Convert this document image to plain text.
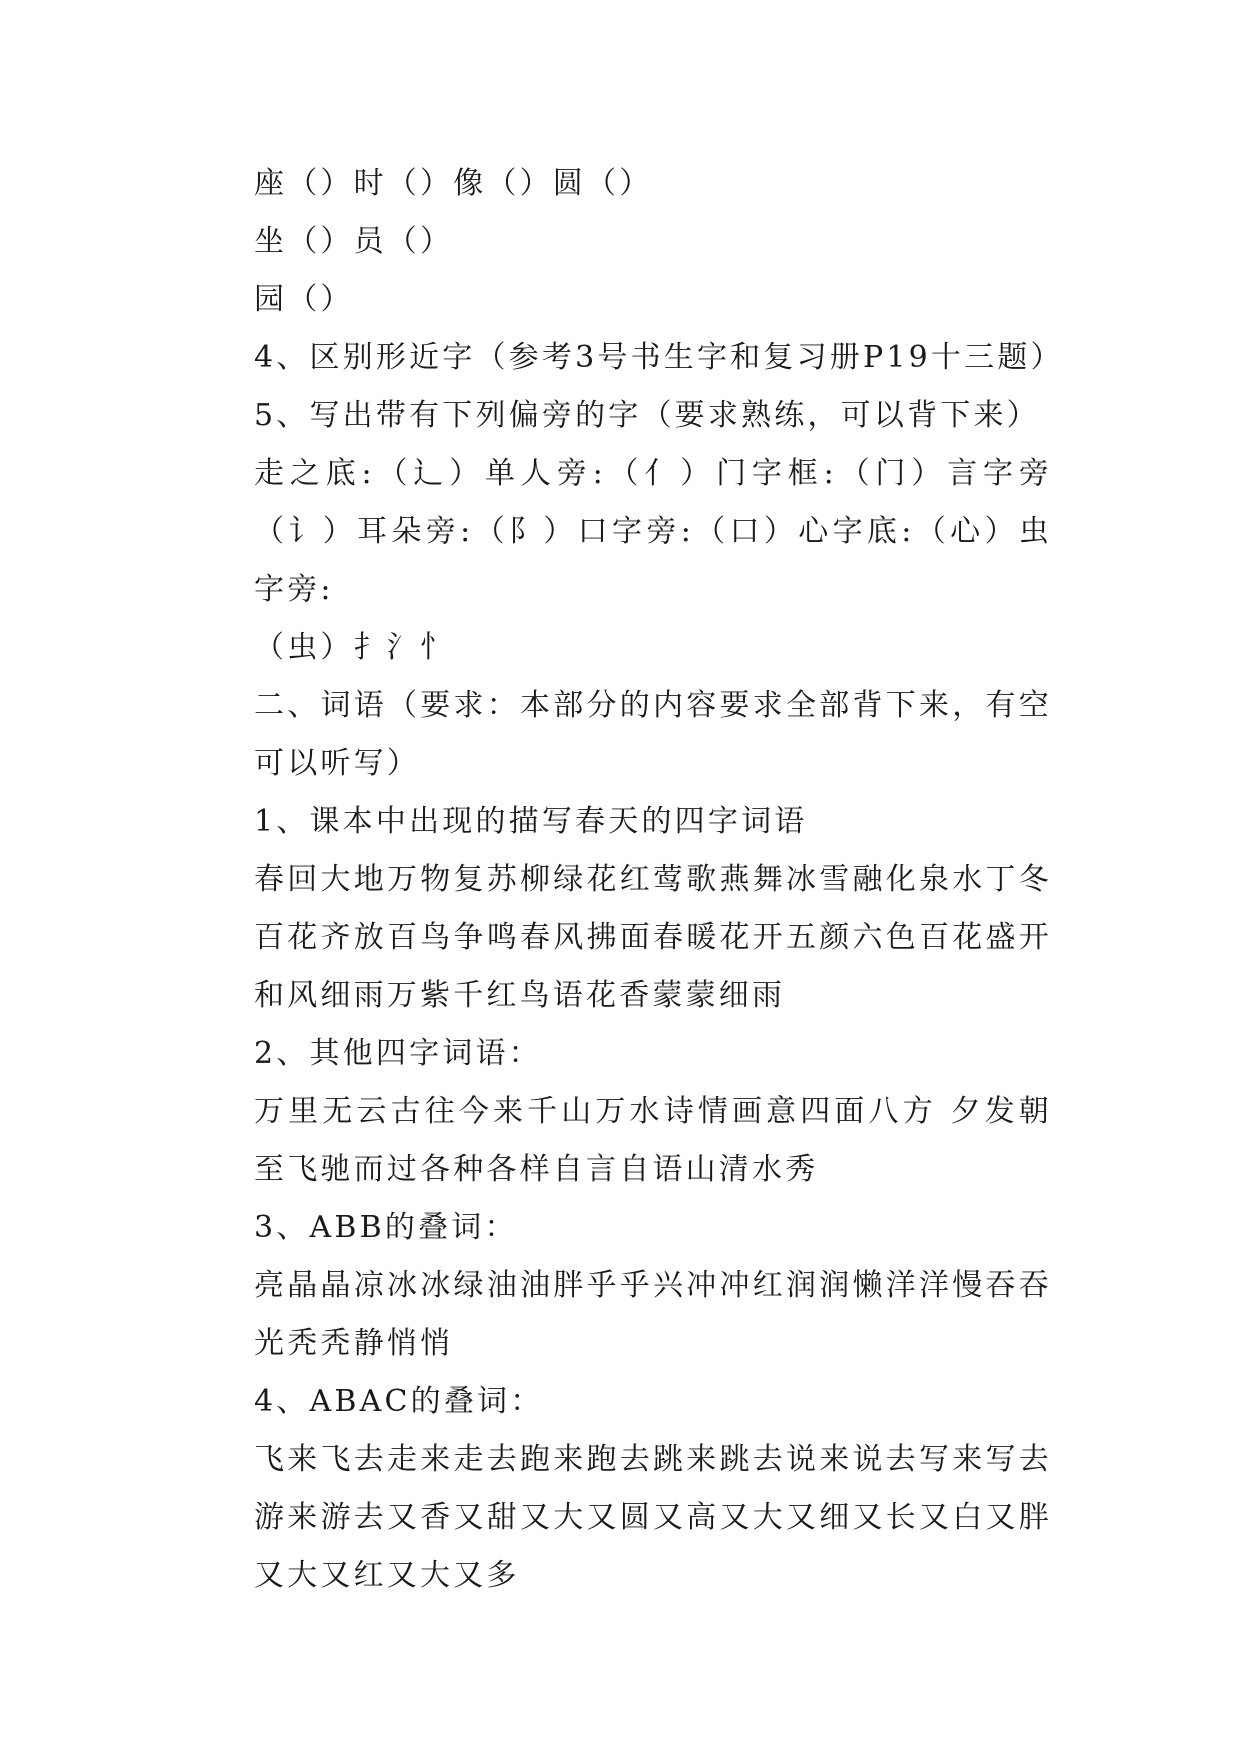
座（）时（）像（）圆（）

坐（）员（）

园（）

4、区别形近字（参考3号书生字和复习册P19十三题）

5、写出带有下列偏旁的字（要求熟练，可以背下来）

走之底:（辶）单人旁:（亻）门字框:（门）言字旁（讠）耳朵旁:（阝）口字旁:（口）心字底:（心）虫字旁:

（虫）扌氵忄

二、词语（要求：本部分的内容要求全部背下来，有空可以听写）

1、课本中出现的描写春天的四字词语

春回大地万物复苏柳绿花红莺歌燕舞冰雪融化泉水丁冬百花齐放百鸟争鸣春风拂面春暖花开五颜六色百花盛开和风细雨万紫千红鸟语花香蒙蒙细雨

2、其他四字词语：

万里无云古往今来千山万水诗情画意四面八方 夕发朝至飞驰而过各种各样自言自语山清水秀

3、ABB的叠词：

亮晶晶凉冰冰绿油油胖乎乎兴冲冲红润润懒洋洋慢吞吞光秃秃静悄悄

4、ABAC的叠词：

飞来飞去走来走去跑来跑去跳来跳去说来说去写来写去游来游去又香又甜又大又圆又高又大又细又长又白又胖又大又红又大又多
